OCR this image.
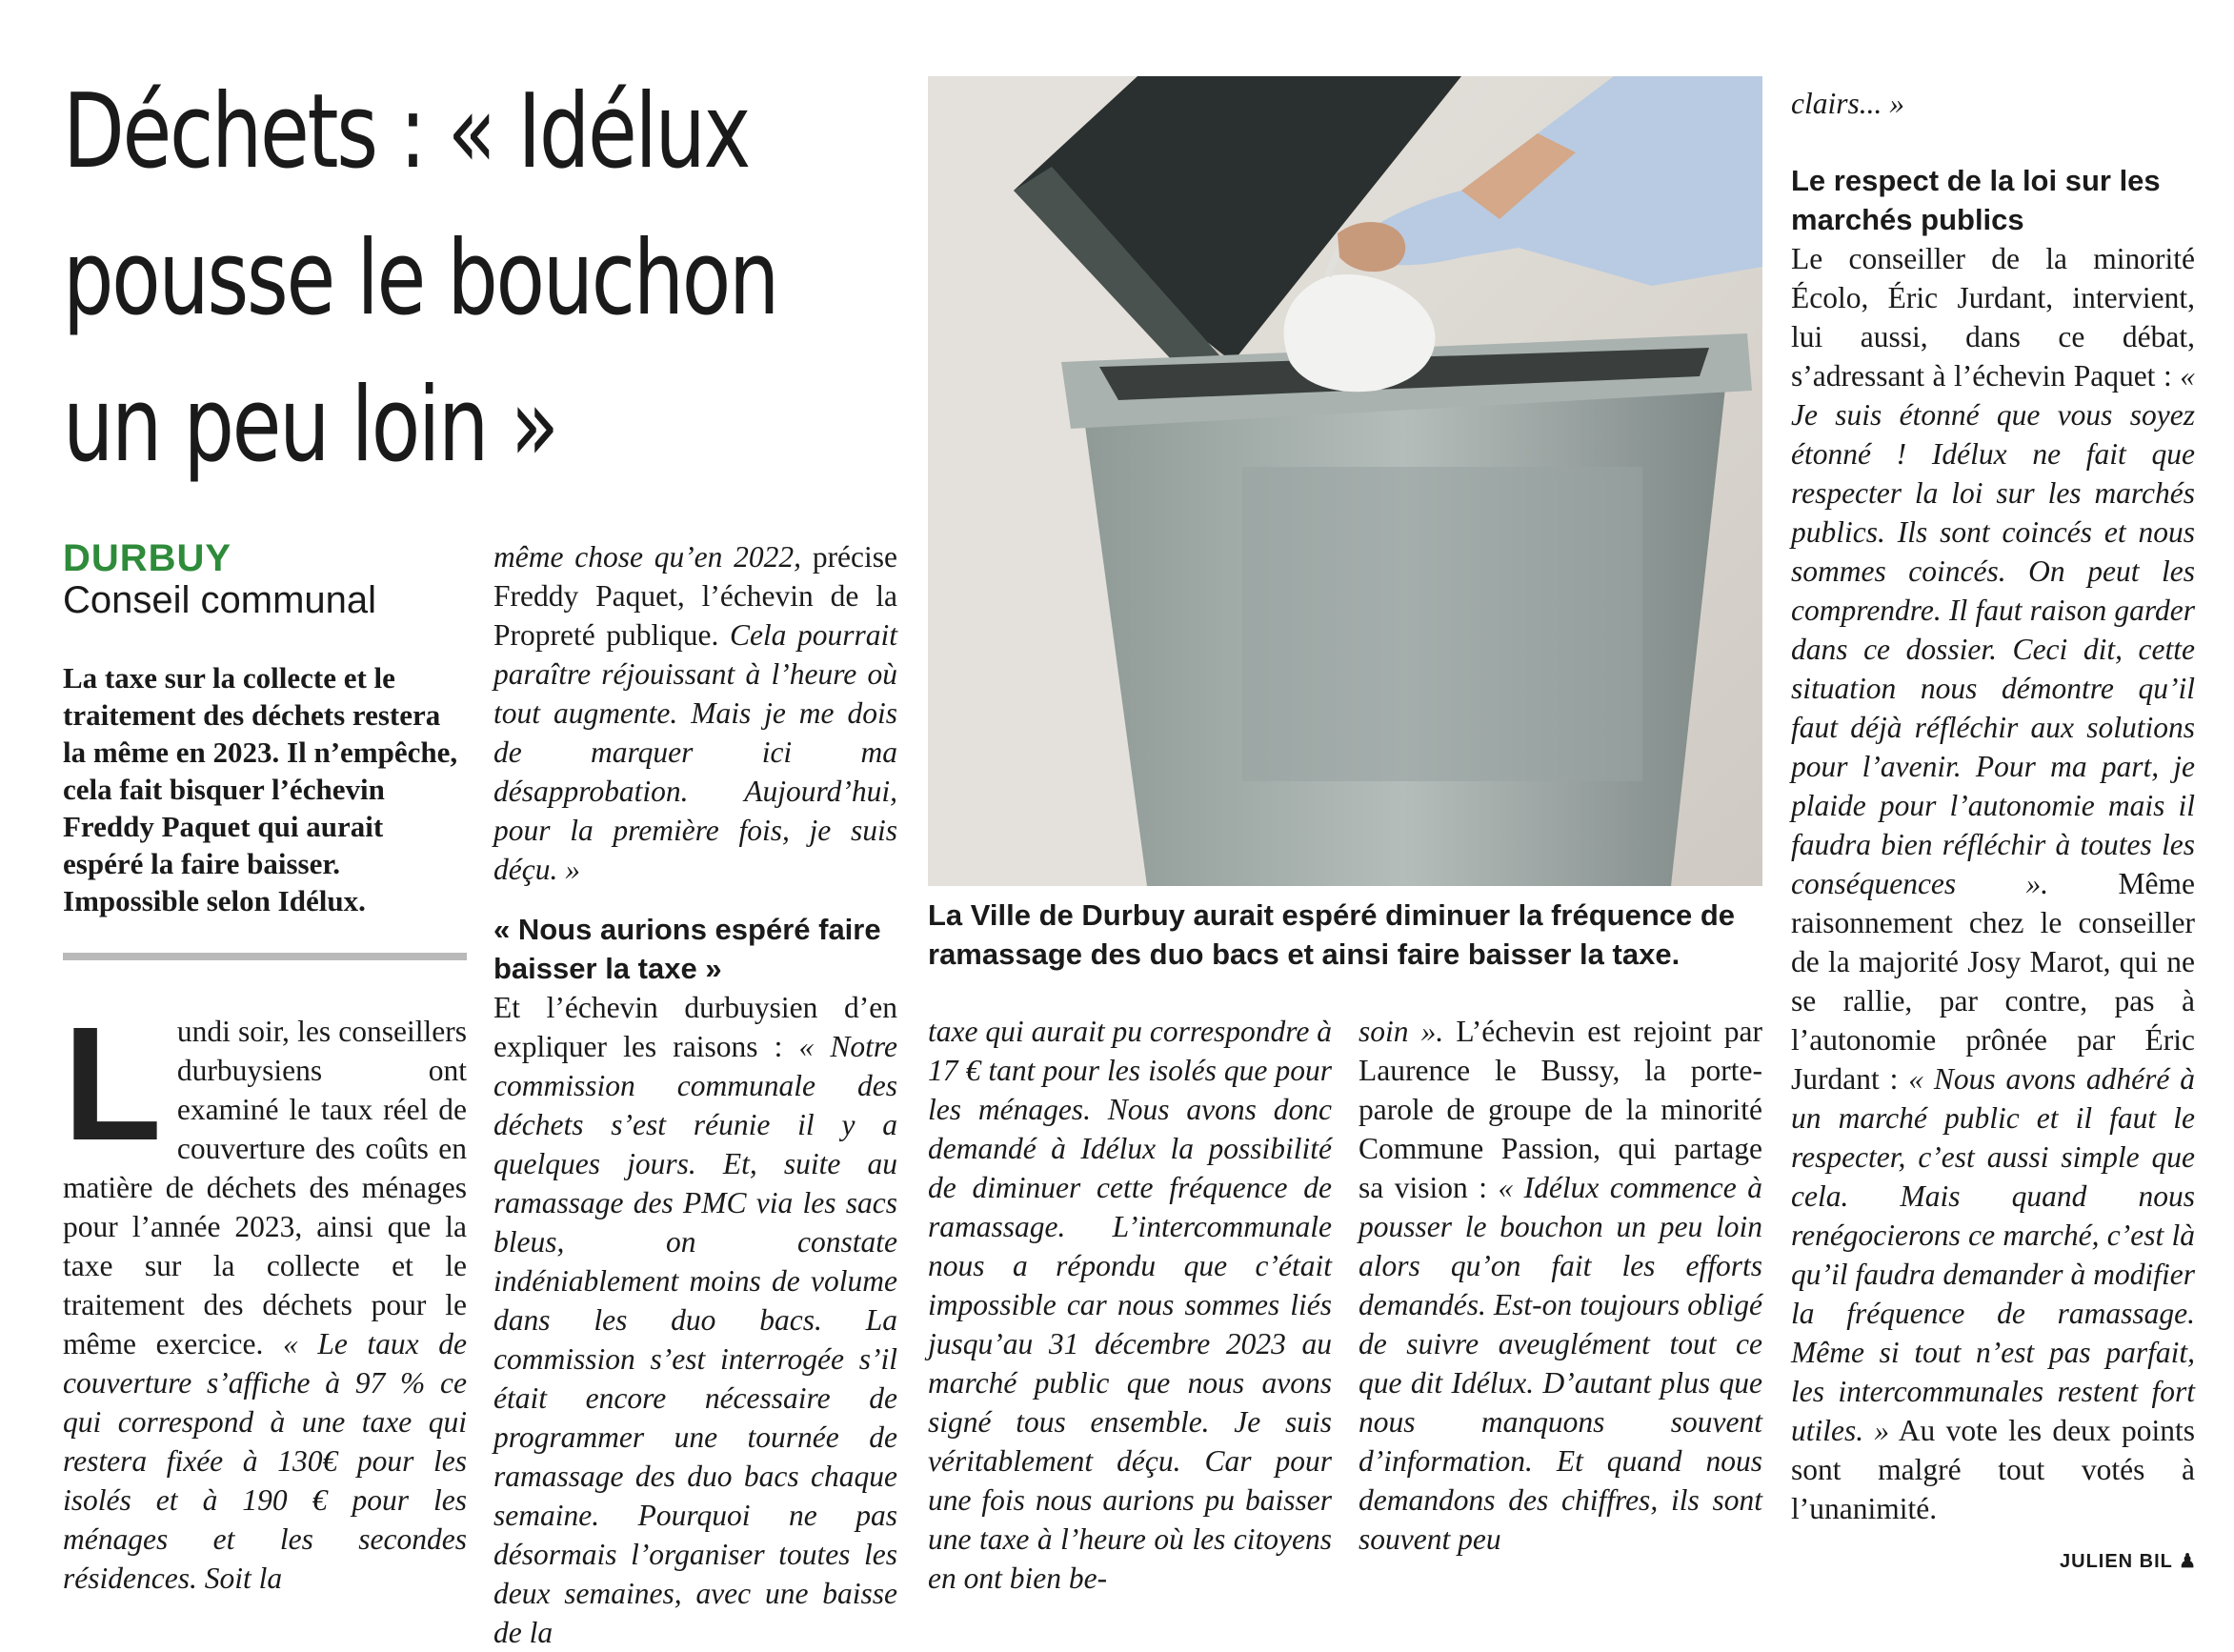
Déchets : « Idélux
pousse le bouchon
un peu loin »
DURBUY
Conseil communal
La taxe sur la collecte et le traitement des déchets restera la même en 2023. Il n’empêche, cela fait bisquer l’échevin Freddy Paquet qui aurait espéré la faire baisser. Impossible selon Idélux.
L undi soir, les conseillers durbuysiens ont examiné le taux réel de couverture des coûts en matière de déchets des ménages pour l’année 2023, ainsi que la taxe sur la collecte et le traitement des déchets pour le même exercice. « Le taux de couverture s’affiche à 97 % ce qui correspond à une taxe qui restera fixée à 130€ pour les isolés et à 190 € pour les ménages et les secondes résidences. Soit la
même chose qu’en 2022, précise Freddy Paquet, l’échevin de la Propreté publique. Cela pourrait paraître réjouissant à l’heure où tout augmente. Mais je me dois de marquer ici ma désapprobation. Aujourd’hui, pour la première fois, je suis déçu. »
« Nous aurions espéré faire baisser la taxe »
Et l’échevin durbuysien d’en expliquer les raisons : « Notre commission communale des déchets s’est réunie il y a quelques jours. Et, suite au ramassage des PMC via les sacs bleus, on constate indéniablement moins de volume dans les duo bacs. La commission s’est interrogée s’il était encore nécessaire de programmer une tournée de ramassage des duo bacs chaque semaine. Pourquoi ne pas désormais l’organiser toutes les deux semaines, avec une baisse de la
La Ville de Durbuy aurait espéré diminuer la fréquence de ramassage des duo bacs et ainsi faire baisser la taxe.
taxe qui aurait pu correspondre à 17 € tant pour les isolés que pour les ménages. Nous avons donc demandé à Idélux la possibilité de diminuer cette fréquence de ramassage. L’intercommunale nous a répondu que c’était impossible car nous sommes liés jusqu’au 31 décembre 2023 au marché public que nous avons signé tous ensemble. Je suis véritablement déçu. Car pour une fois nous aurions pu baisser une taxe à l’heure où les citoyens en ont bien be-
soin ». L’échevin est rejoint par Laurence le Bussy, la porte-parole de groupe de la minorité Commune Passion, qui partage sa vision : « Idélux commence à pousser le bouchon un peu loin alors qu’on fait les efforts demandés. Est-on toujours obligé de suivre aveuglément tout ce que dit Idélux. D’autant plus que nous manquons souvent d’information. Et quand nous demandons des chiffres, ils sont souvent peu
clairs... »
Le respect de la loi sur les marchés publics
Le conseiller de la minorité Écolo, Éric Jurdant, intervient, lui aussi, dans ce débat, s’adressant à l’échevin Paquet : « Je suis étonné que vous soyez étonné ! Idélux ne fait que respecter la loi sur les marchés publics. Ils sont coincés et nous sommes coincés. On peut les comprendre. Il faut raison garder dans ce dossier. Ceci dit, cette situation nous démontre qu’il faut déjà réfléchir aux solutions pour l’avenir. Pour ma part, je plaide pour l’autonomie mais il faudra bien réfléchir à toutes les conséquences ». Même raisonnement chez le conseiller de la majorité Josy Marot, qui ne se rallie, par contre, pas à l’autonomie prônée par Éric Jurdant : « Nous avons adhéré à un marché public et il faut le respecter, c’est aussi simple que cela. Mais quand nous renégocierons ce marché, c’est là qu’il faudra demander à modifier la fréquence de ramassage. Même si tout n’est pas parfait, les intercommunales restent fort utiles. » Au vote les deux points sont malgré tout votés à l’unanimité.
JULIEN BIL ♟
